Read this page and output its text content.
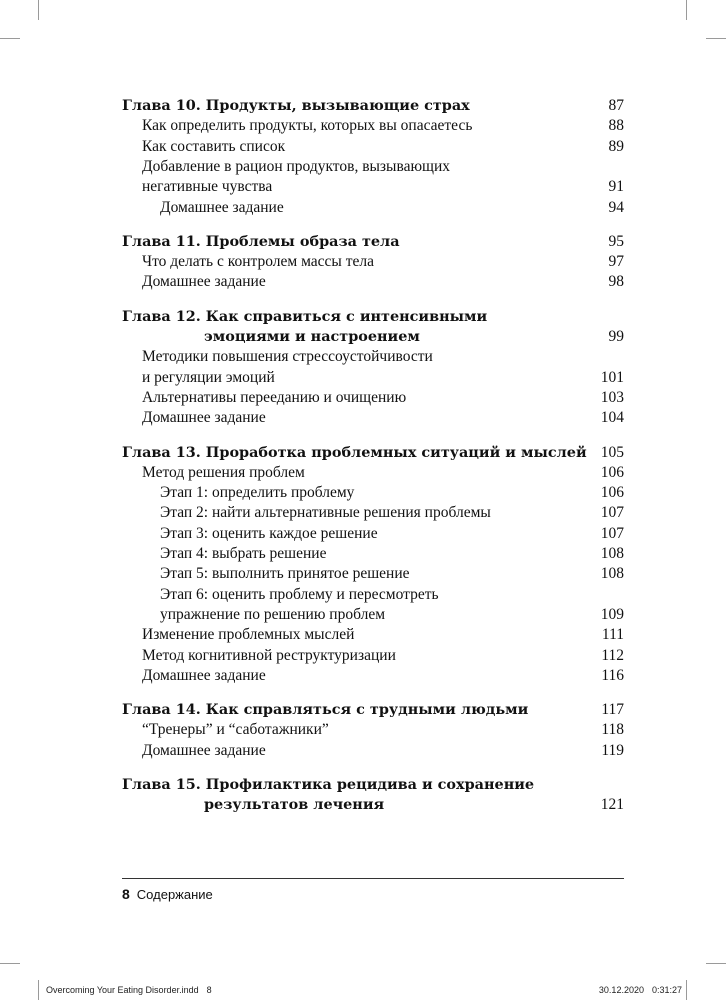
Глава 10. Продукты, вызывающие страх	87
Как определить продукты, которых вы опасаетесь	88
Как составить список	89
Добавление в рацион продуктов, вызывающих
негативные чувства	91
Домашнее задание	94
Глава 11. Проблемы образа тела	95
Что делать с контролем массы тела	97
Домашнее задание	98
Глава 12. Как справиться с интенсивными
эмоциями и настроением	99
Методики повышения стрессоустойчивости
и регуляции эмоций	101
Альтернативы перееданию и очищению	103
Домашнее задание	104
Глава 13. Проработка проблемных ситуаций и мыслей 105
Метод решения проблем	106
Этап 1: определить проблему	106
Этап 2: найти альтернативные решения проблемы	107
Этап 3: оценить каждое решение	107
Этап 4: выбрать решение	108
Этап 5: выполнить принятое решение	108
Этап 6: оценить проблему и пересмотреть
упражнение по решению проблем	109
Изменение проблемных мыслей	111
Метод когнитивной реструктуризации	112
Домашнее задание	116
Глава 14. Как справляться с трудными людьми	117
“Тренеры” и “саботажники”	118
Домашнее задание	119
Глава 15. Профилактика рецидива и сохранение
результатов лечения	121
8 Содержание
Overcoming Your Eating Disorder.indd 8	30.12.2020 0:31:27
